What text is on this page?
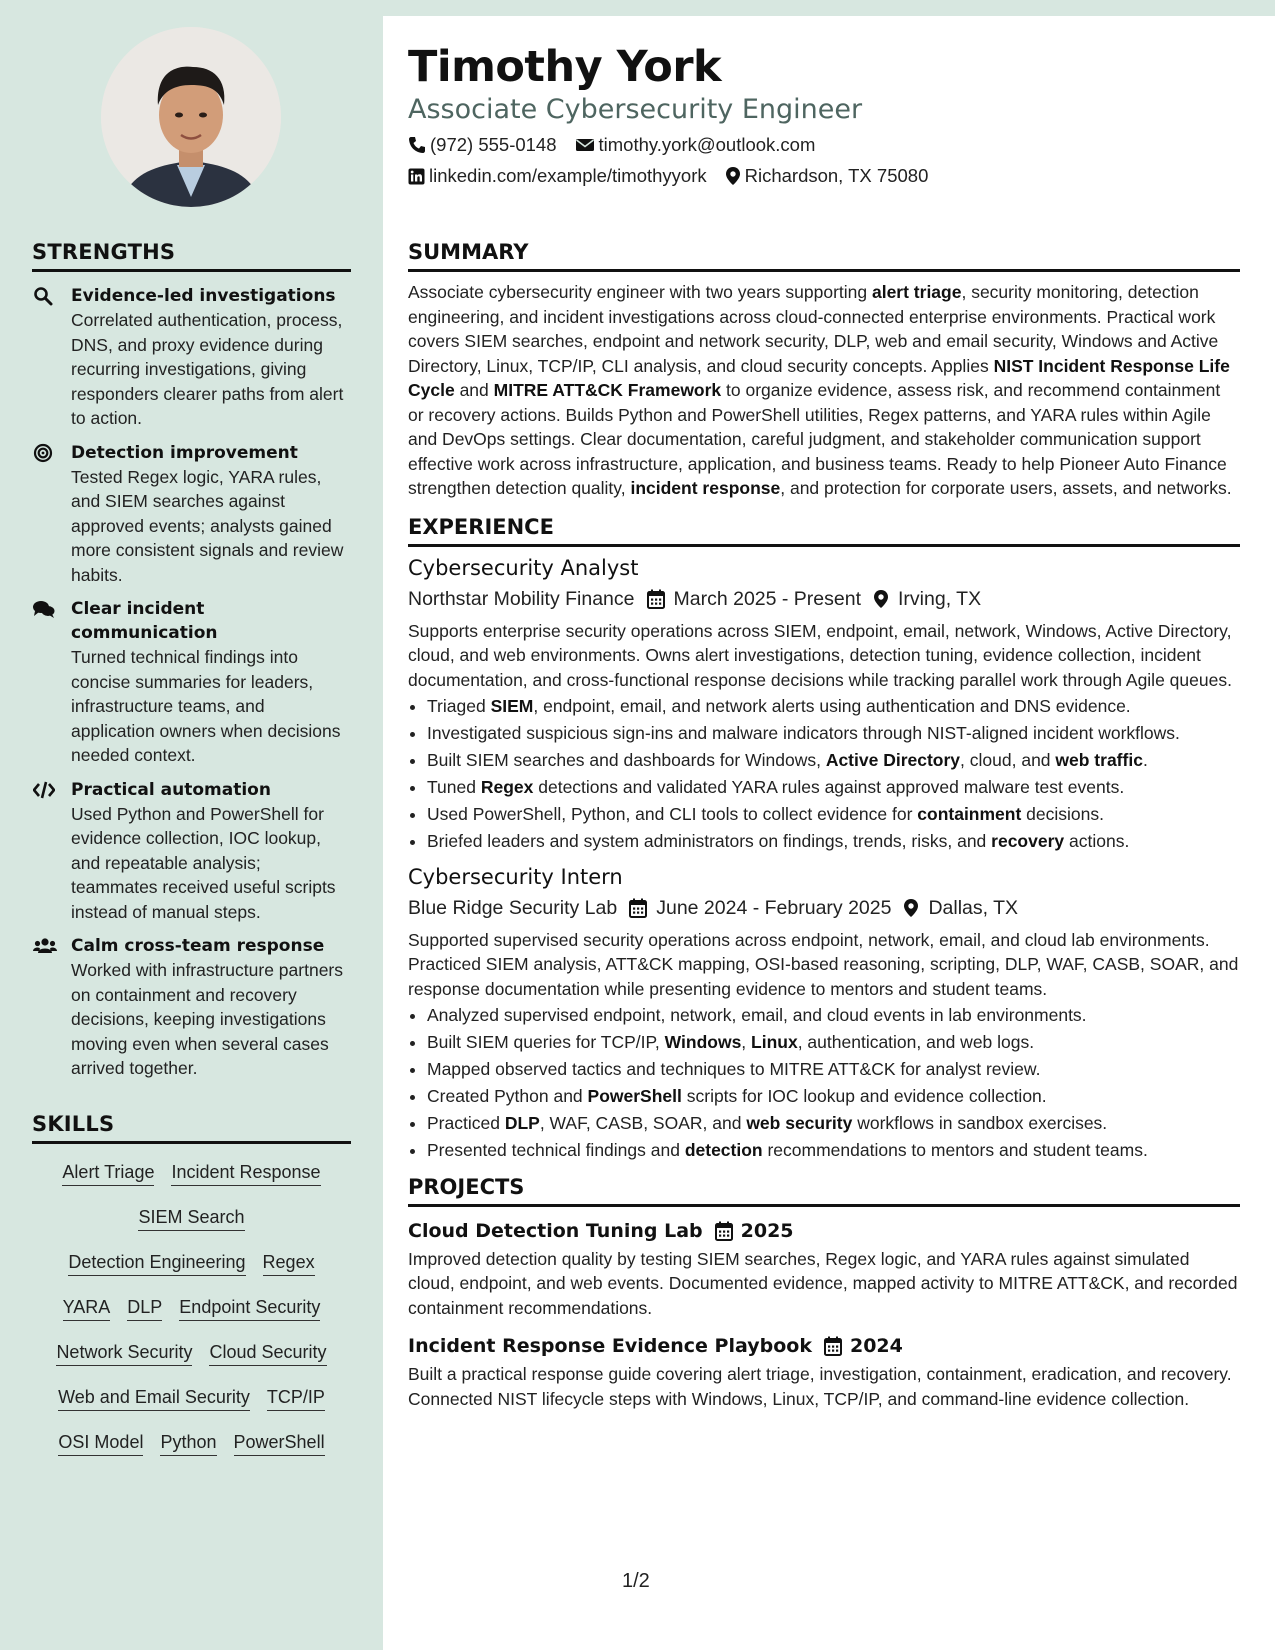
STRENGTHS
Evidence-led investigations
Correlated authentication, process, DNS, and proxy evidence during recurring investigations, giving responders clearer paths from alert to action.
Detection improvement
Tested Regex logic, YARA rules, and SIEM searches against approved events; analysts gained more consistent signals and review habits.
Clear incident communication
Turned technical findings into concise summaries for leaders, infrastructure teams, and application owners when decisions needed context.
Practical automation
Used Python and PowerShell for evidence collection, IOC lookup, and repeatable analysis; teammates received useful scripts instead of manual steps.
Calm cross-team response
Worked with infrastructure partners on containment and recovery decisions, keeping investigations moving even when several cases arrived together.
SKILLS
Alert Triage Incident Response
SIEM Search
Detection Engineering Regex
YARA DLP Endpoint Security
Network Security Cloud Security
Web and Email Security TCP/IP
OSI Model Python PowerShell
Timothy York
Associate Cybersecurity Engineer
(972) 555-0148 timothy.york@outlook.com
linkedin.com/example/timothyyork Richardson, TX 75080
SUMMARY
Associate cybersecurity engineer with two years supporting alert triage, security monitoring, detection engineering, and incident investigations across cloud-connected enterprise environments. Practical work covers SIEM searches, endpoint and network security, DLP, web and email security, Windows and Active Directory, Linux, TCP/IP, CLI analysis, and cloud security concepts. Applies NIST Incident Response Life Cycle and MITRE ATT&CK Framework to organize evidence, assess risk, and recommend containment or recovery actions. Builds Python and PowerShell utilities, Regex patterns, and YARA rules within Agile and DevOps settings. Clear documentation, careful judgment, and stakeholder communication support effective work across infrastructure, application, and business teams. Ready to help Pioneer Auto Finance strengthen detection quality, incident response, and protection for corporate users, assets, and networks.
EXPERIENCE
Cybersecurity Analyst
Northstar Mobility Finance March 2025 - Present Irving, TX
Supports enterprise security operations across SIEM, endpoint, email, network, Windows, Active Directory, cloud, and web environments. Owns alert investigations, detection tuning, evidence collection, incident documentation, and cross-functional response decisions while tracking parallel work through Agile queues.
• Triaged SIEM, endpoint, email, and network alerts using authentication and DNS evidence.
• Investigated suspicious sign-ins and malware indicators through NIST-aligned incident workflows.
• Built SIEM searches and dashboards for Windows, Active Directory, cloud, and web traffic.
• Tuned Regex detections and validated YARA rules against approved malware test events.
• Used PowerShell, Python, and CLI tools to collect evidence for containment decisions.
• Briefed leaders and system administrators on findings, trends, risks, and recovery actions.
Cybersecurity Intern
Blue Ridge Security Lab June 2024 - February 2025 Dallas, TX
Supported supervised security operations across endpoint, network, email, and cloud lab environments. Practiced SIEM analysis, ATT&CK mapping, OSI-based reasoning, scripting, DLP, WAF, CASB, SOAR, and response documentation while presenting evidence to mentors and student teams.
• Analyzed supervised endpoint, network, email, and cloud events in lab environments.
• Built SIEM queries for TCP/IP, Windows, Linux, authentication, and web logs.
• Mapped observed tactics and techniques to MITRE ATT&CK for analyst review.
• Created Python and PowerShell scripts for IOC lookup and evidence collection.
• Practiced DLP, WAF, CASB, SOAR, and web security workflows in sandbox exercises.
• Presented technical findings and detection recommendations to mentors and student teams.
PROJECTS
Cloud Detection Tuning Lab 2025
Improved detection quality by testing SIEM searches, Regex logic, and YARA rules against simulated cloud, endpoint, and web events. Documented evidence, mapped activity to MITRE ATT&CK, and recorded containment recommendations.
Incident Response Evidence Playbook 2024
Built a practical response guide covering alert triage, investigation, containment, eradication, and recovery. Connected NIST lifecycle steps with Windows, Linux, TCP/IP, and command-line evidence collection.
1/2
